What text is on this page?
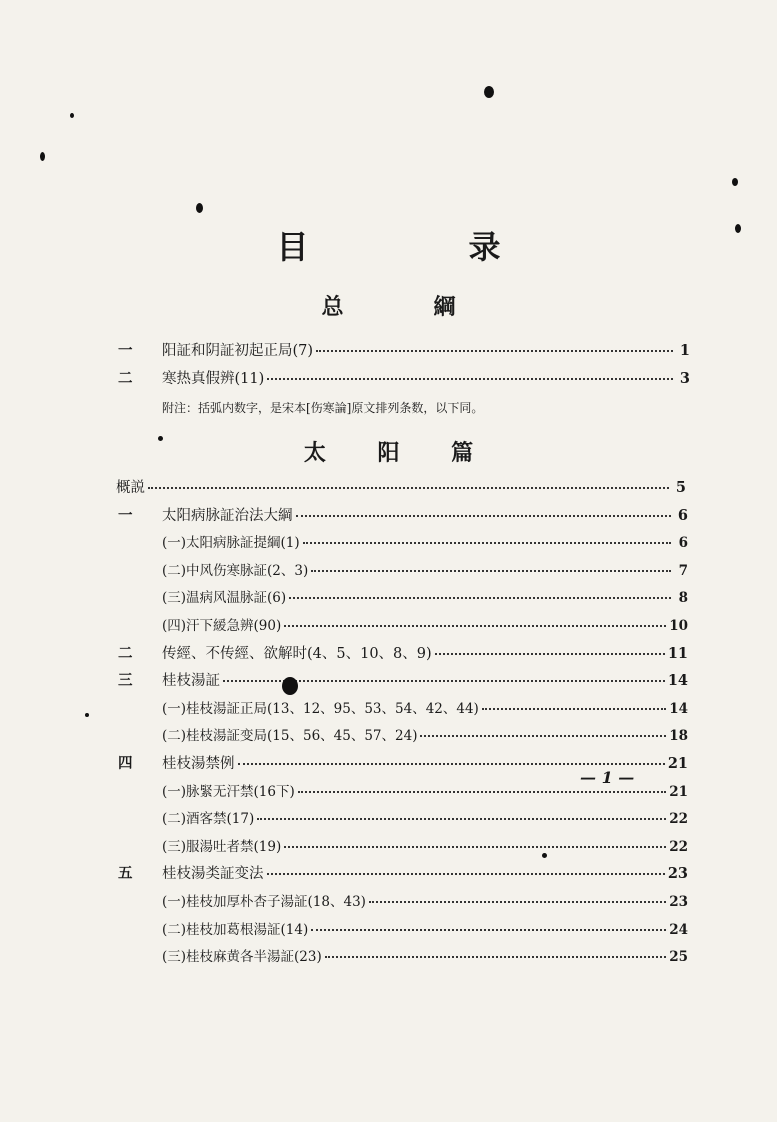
目　录
总　綱
一	阳証和阴証初起正局(7)	1
二	寒热真假辨(11)	3
附注：括弧内数字，是宋本[伤寒論]原文排列条数，以下同。
太 阳 篇
概説	5
一	太阳病脉証治法大綱	6
(一)太阳病脉証提綱(1)	6
(二)中风伤寒脉証(2、3)	7
(三)温病风温脉証(6)	8
(四)汗下緩急辨(90)	10
二	传經、不传經、欲解时(4、5、10、8、9)	11
三	桂枝湯証	14
(一)桂枝湯証正局(13、12、95、53、54、42、44)	14
(二)桂枝湯証变局(15、56、45、57、24)	18
四	桂枝湯禁例	21
(一)脉緊无汗禁(16下)	21
(二)酒客禁(17)	22
(三)服湯吐者禁(19)	22
五	桂枝湯类証变法	23
(一)桂枝加厚朴杏子湯証(18、43)	23
(二)桂枝加葛根湯証(14)	24
(三)桂枝麻黄各半湯証(23)	25
— 1 —
